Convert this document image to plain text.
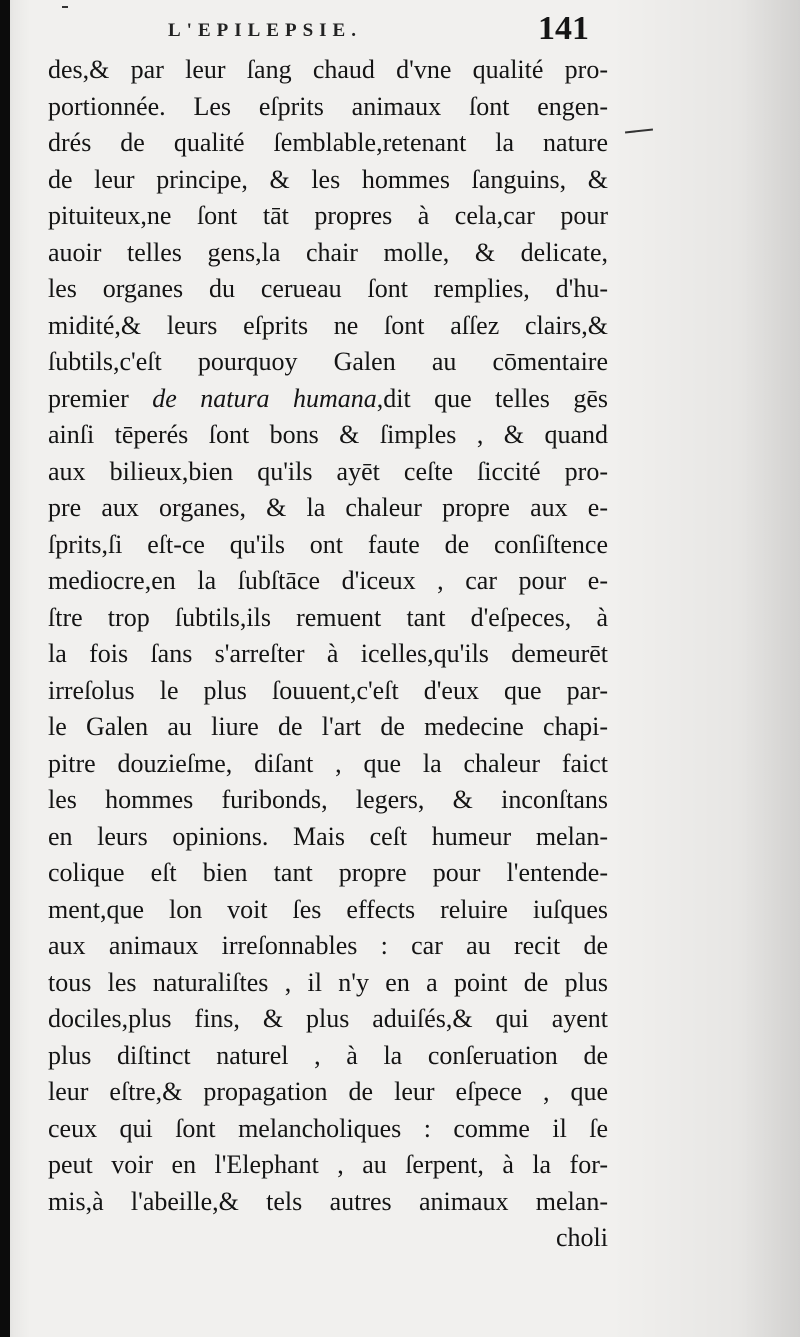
L'EPILEPSIE.	141
des,& par leur ſang chaud d'vne qualité pro-
portionnée. Les eſprits animaux ſont engen-
drés de qualité ſemblable,retenant la nature
de leur principe, & les hommes ſanguins, &
pituiteux,ne ſont tāt propres à cela,car pour
auoir telles gens,la chair molle, & delicate,
les organes du cerueau ſont remplies, d'hu-
midité,& leurs eſprits ne ſont aſſez clairs,&
ſubtils,c'eſt pourquoy Galen au cōmentaire
premier de natura humana,dit que telles gēs
ainſi tēperés ſont bons & ſimples , & quand
aux bilieux,bien qu'ils ayēt ceſte ſiccité pro-
pre aux organes, & la chaleur propre aux e-
ſprits,ſi eſt-ce qu'ils ont faute de conſiſtence
mediocre,en la ſubſtāce d'iceux , car pour e-
ſtre trop ſubtils,ils remuent tant d'eſpeces, à
la fois ſans s'arreſter à icelles,qu'ils demeurēt
irreſolus le plus ſouuent,c'eſt d'eux que par-
le Galen au liure de l'art de medecine chapi-
pitre douzieſme, diſant , que la chaleur faict
les hommes furibonds, legers, & inconſtans
en leurs opinions. Mais ceſt humeur melan-
colique eſt bien tant propre pour l'entende-
ment,que lon voit ſes effects reluire iuſques
aux animaux irreſonnables : car au recit de
tous les naturaliſtes , il n'y en a point de plus
dociles,plus fins, & plus aduiſés,& qui ayent
plus diſtinct naturel , à la conſeruation de
leur eſtre,& propagation de leur eſpece , que
ceux qui ſont melancholiques : comme il ſe
peut voir en l'Elephant , au ſerpent, à la for-
mis,à l'abeille,& tels autres animaux melan-
choli
